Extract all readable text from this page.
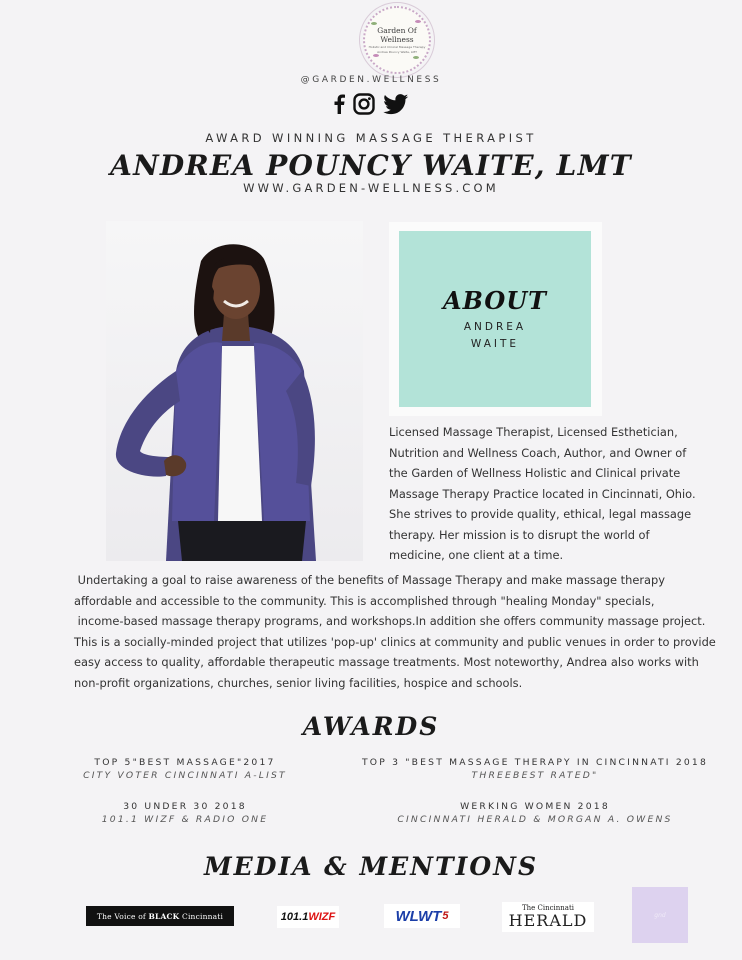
Garden Of Wellness
Holistic and Clinical Massage Therapy
Andrea Pouncy Waite, LMT
@GARDEN.WELLNESS
AWARD WINNING MASSAGE THERAPIST
ANDREA POUNCY WAITE, LMT
WWW.GARDEN-WELLNESS.COM
ABOUT
ANDREA
WAITE
Licensed Massage Therapist, Licensed Esthetician,
Nutrition and Wellness Coach, Author, and Owner of
the Garden of Wellness Holistic and Clinical private
Massage Therapy Practice located in Cincinnati, Ohio.
She strives to provide quality, ethical, legal massage
therapy. Her mission is to disrupt the world of
medicine, one client at a time.
Undertaking a goal to raise awareness of the benefits of Massage Therapy and make massage therapy
affordable and accessible to the community. This is accomplished through "healing Monday" specials,
income-based massage therapy programs, and workshops.In addition she offers community massage project.
This is a socially-minded project that utilizes 'pop-up' clinics at community and public venues in order to provide
easy access to quality, affordable therapeutic massage treatments. Most noteworthy, Andrea also works with
non-profit organizations, churches, senior living facilities, hospice and schools.
AWARDS
TOP 5"BEST MASSAGE"2017
CITY VOTER CINCINNATI A-LIST
TOP 3 "BEST MASSAGE THERAPY IN CINCINNATI 2018
THREEBEST RATED"
30 UNDER 30 2018
101.1 WIZF & RADIO ONE
WERKING WOMEN 2018
CINCINNATI HERALD & MORGAN A. OWENS
MEDIA & MENTIONS
The Voice of
BLACK
Cincinnati	101.1 WIZF	WLWT 5
The Cincinnati
HERALD	gnd
